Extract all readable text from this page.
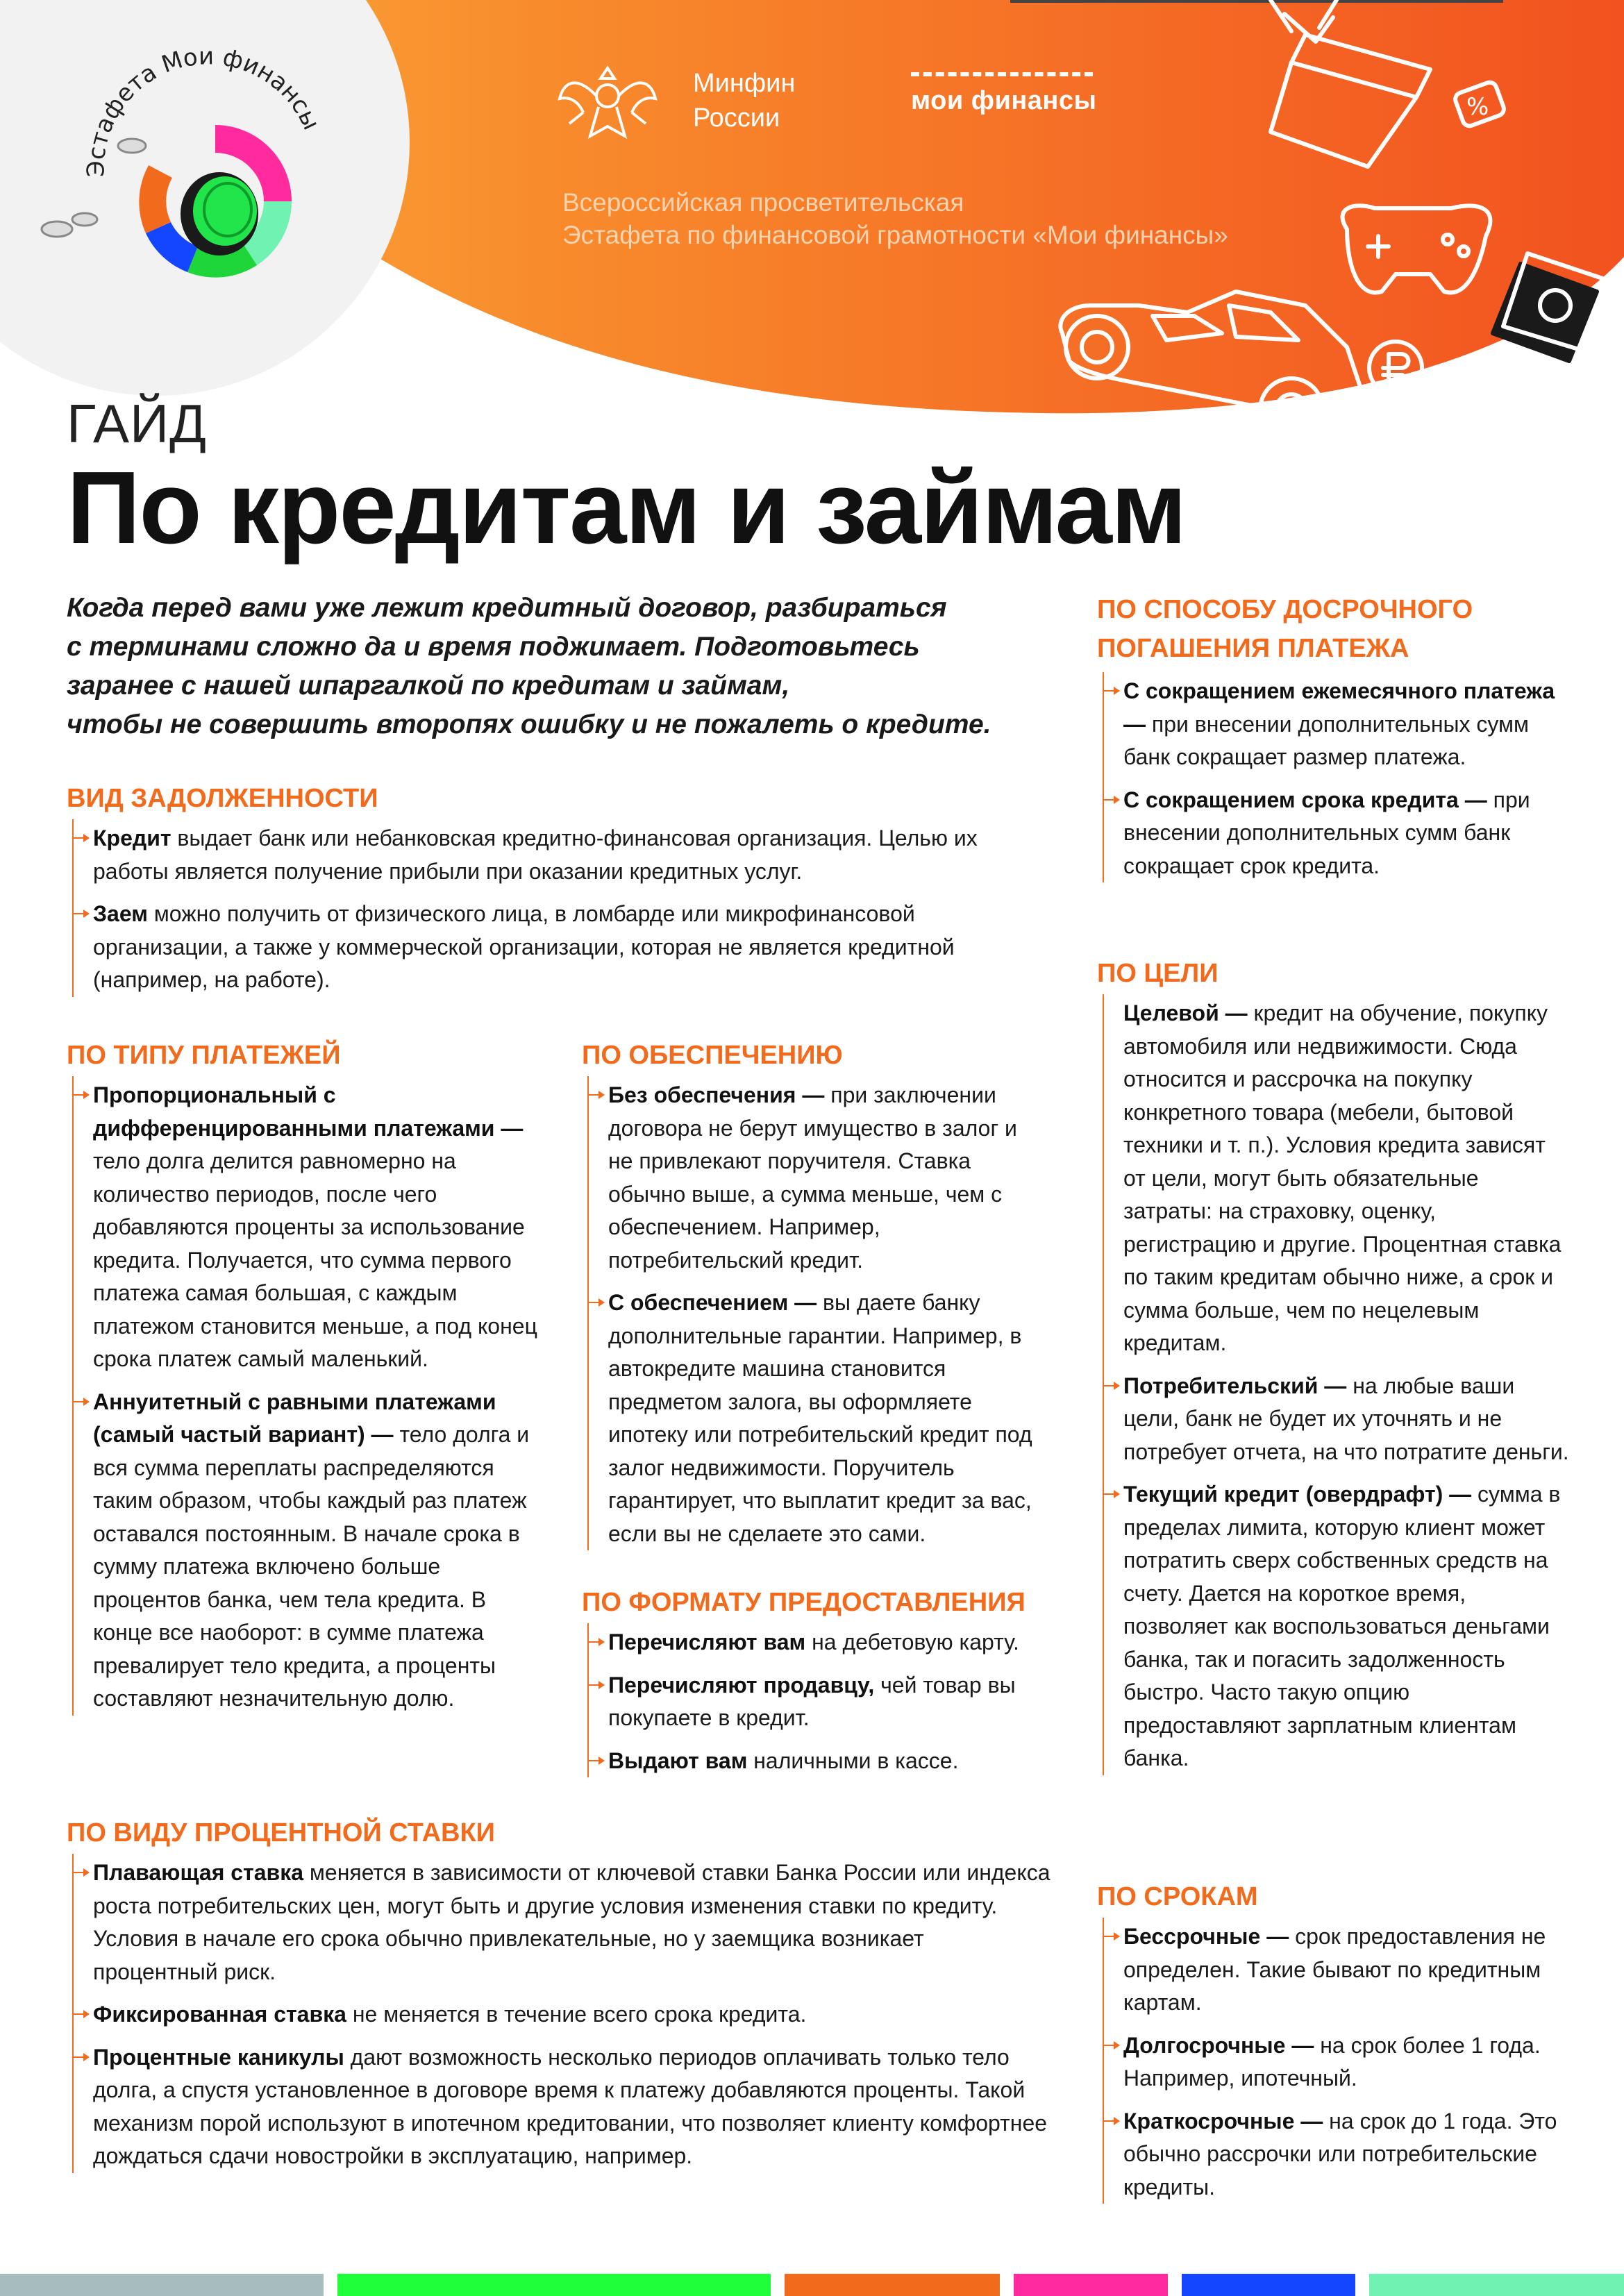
Эстафета Мои финансы
Минфин
России
мои финансы
Всероссийская просветительская
Эстафета по финансовой грамотности «Мои финансы»
%
ГАЙД
По кредитам и займам
Когда перед вами уже лежит кредитный договор, разбираться
с терминами сложно да и время поджимает. Подготовьтесь
заранее с нашей шпаргалкой по кредитам и займам,
чтобы не совершить второпях ошибку и не пожалеть о кредите.
ВИД ЗАДОЛЖЕННОСТИ
Кредит выдает банк или небанковская кредитно-финансовая организация. Целью их работы является получение прибыли при оказании кредитных услуг.
Заем можно получить от физического лица, в ломбарде или микрофинансовой организации, а также у коммерческой организации, которая не является кредитной (например, на работе).
ПО ТИПУ ПЛАТЕЖЕЙ
Пропорциональный с дифференцированными платежами — тело долга делится равномерно на количество периодов, после чего добавляются проценты за использование кредита. Получается, что сумма первого платежа самая большая, с каждым платежом становится меньше, а под конец срока платеж самый маленький.
Аннуитетный с равными платежами (самый частый вариант) — тело долга и вся сумма переплаты распределяются таким образом, чтобы каждый раз платеж оставался постоянным. В начале срока в сумму платежа включено больше процентов банка, чем тела кредита. В конце все наоборот: в сумме платежа превалирует тело кредита, а проценты составляют незначительную долю.
ПО ВИДУ ПРОЦЕНТНОЙ СТАВКИ
Плавающая ставка меняется в зависимости от ключевой ставки Банка России или индекса роста потребительских цен, могут быть и другие условия изменения ставки по кредиту. Условия в начале его срока обычно привлекательные, но у заемщика возникает процентный риск.
Фиксированная ставка не меняется в течение всего срока кредита.
Процентные каникулы дают возможность несколько периодов оплачивать только тело долга, а спустя установленное в договоре время к платежу добавляются проценты. Такой механизм порой используют в ипотечном кредитовании, что позволяет клиенту комфортнее дождаться сдачи новостройки в эксплуатацию, например.
ПО ОБЕСПЕЧЕНИЮ
Без обеспечения — при заключении договора не берут имущество в залог и не привлекают поручителя. Ставка обычно выше, а сумма меньше, чем с обеспечением. Например, потребительский кредит.
С обеспечением — вы даете банку дополнительные гарантии. Например, в автокредите машина становится предметом залога, вы оформляете ипотеку или потребительский кредит под залог недвижимости. Поручитель гарантирует, что выплатит кредит за вас, если вы не сделаете это сами.
ПО ФОРМАТУ ПРЕДОСТАВЛЕНИЯ
Перечисляют вам на дебетовую карту.
Перечисляют продавцу, чей товар вы покупаете в кредит.
Выдают вам наличными в кассе.
ПО СПОСОБУ ДОСРОЧНОГО
ПОГАШЕНИЯ ПЛАТЕЖА
С сокращением ежемесячного платежа — при внесении дополнительных сумм банк сокращает размер платежа.
С сокращением срока кредита — при внесении дополнительных сумм банк сокращает срок кредита.
ПО ЦЕЛИ
Целевой — кредит на обучение, покупку автомобиля или недвижимости. Сюда относится и рассрочка на покупку конкретного товара (мебели, бытовой техники и т. п.). Условия кредита зависят от цели, могут быть обязательные затраты: на страховку, оценку, регистрацию и другие. Процентная ставка по таким кредитам обычно ниже, а срок и сумма больше, чем по нецелевым кредитам.
Потребительский — на любые ваши цели, банк не будет их уточнять и не потребует отчета, на что потратите деньги.
Текущий кредит (овердрафт) — сумма в пределах лимита, которую клиент может потратить сверх собственных средств на счету. Дается на короткое время, позволяет как воспользоваться деньгами банка, так и погасить задолженность быстро. Часто такую опцию предоставляют зарплатным клиентам банка.
ПО СРОКАМ
Бессрочные — срок предоставления не определен. Такие бывают по кредитным картам.
Долгосрочные — на срок более 1 года. Например, ипотечный.
Краткосрочные — на срок до 1 года. Это обычно рассрочки или потребительские кредиты.
